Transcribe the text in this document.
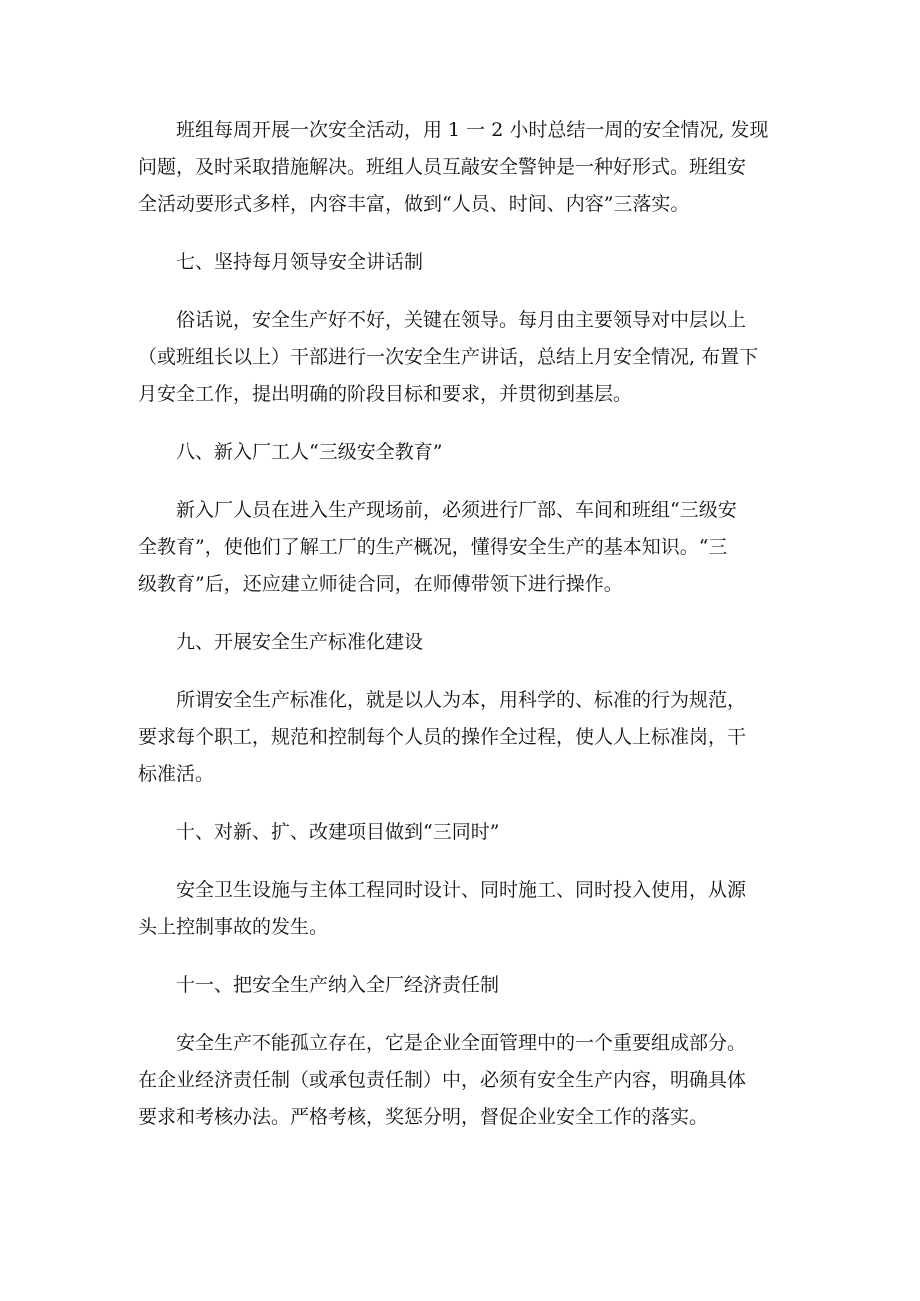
班组每周开展一次安全活动，用 1 一 2 小时总结一周的安全情况, 发现
问题，及时采取措施解决。班组人员互敲安全警钟是一种好形式。班组安
全活动要形式多样，内容丰富，做到“人员、时间、内容”三落实。

七、坚持每月领导安全讲话制

俗话说，安全生产好不好，关键在领导。每月由主要领导对中层以上
（或班组长以上）干部进行一次安全生产讲话，总结上月安全情况, 布置下
月安全工作，提出明确的阶段目标和要求，并贯彻到基层。

八、新入厂工人“三级安全教育”

新入厂人员在进入生产现场前，必须进行厂部、车间和班组“三级安
全教育”，使他们了解工厂的生产概况，懂得安全生产的基本知识。“三
级教育”后，还应建立师徒合同，在师傅带领下进行操作。

九、开展安全生产标准化建设

所谓安全生产标准化，就是以人为本，用科学的、标准的行为规范，
要求每个职工，规范和控制每个人员的操作全过程，使人人上标准岗，干
标准活。

十、对新、扩、改建项目做到“三同时”

安全卫生设施与主体工程同时设计、同时施工、同时投入使用，从源
头上控制事故的发生。

十一、把安全生产纳入全厂经济责任制

安全生产不能孤立存在，它是企业全面管理中的一个重要组成部分。
在企业经济责任制（或承包责任制）中，必须有安全生产内容，明确具体
要求和考核办法。严格考核，奖惩分明，督促企业安全工作的落实。
